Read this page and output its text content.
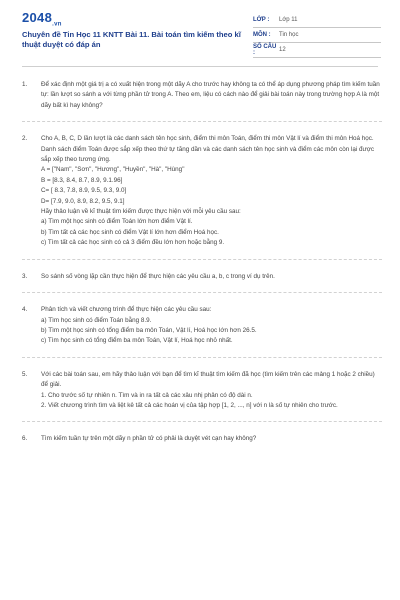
$2048_{.vn}$
Chuyên đề Tin Học 11 KNTT Bài 11. Bài toán tìm kiếm theo kĩ thuật duyệt có đáp án
LỚP :	Lớp 11
MÔN :	Tin học
SỐ CÂU :	12
1. Để xác định một giá trị a có xuất hiện trong một dãy A cho trước hay không ta có thể áp dụng phương pháp tìm kiếm tuần tự: lần lượt so sánh a với từng phần tử trong A. Theo em, liệu có cách nào để giải bài toán này trong trường hợp A là một dãy bất kì hay không?

2. Cho A, B, C, D lần lượt là các danh sách tên học sinh, điểm thi môn Toán, điểm thi môn Vật lí và điểm thi môn Hoá học. Danh sách điểm Toán được sắp xếp theo thứ tự tăng dần và các danh sách tên học sinh và điểm các môn còn lại được sắp xếp theo tương ứng.

A = ["Nam", "Sơn", "Hương", "Huyền", "Hà", "Hùng"

B = [8.3, 8.4, 8.7, 8.9, 9.1.96]

C= [ 8.3, 7.8, 8.9, 9.5, 9.3, 9.0]

D= [7.9, 9.0, 8.9, 8.2, 9.5, 9.1]

Hãy thảo luận về kĩ thuật tìm kiếm được thực hiện với mỗi yêu cầu sau:

a) Tìm một học sinh có điểm Toán lớn hơn điểm Vật lí.

b) Tìm tất cả các học sinh có điểm Vật lí lớn hơn điểm Hoá học.

c) Tìm tất cả các học sinh có cả 3 điểm đều lớn hơn hoặc bằng 9.

3. So sánh số vòng lặp cần thực hiện để thực hiện các yêu cầu a, b, c trong ví dụ trên.

4. Phân tích và viết chương trình để thực hiện các yêu cầu sau:

a) Tìm học sinh có điểm Toán bằng 8.9.

b) Tìm một học sinh có tổng điểm ba môn Toán, Vật lí, Hoá học lớn hơn 26.5.

c) Tìm học sinh có tổng điểm ba môn Toán, Vật lí, Hoá học nhỏ nhất.

5. Với các bài toán sau, em hãy thảo luận với bạn để tìm kĩ thuật tìm kiếm đã học (tìm kiếm trên các mảng 1 hoặc 2 chiều) để giải.

1. Cho trước số tự nhiên n. Tìm và in ra tất cả các xâu nhị phân có độ dài n.

2. Viết chương trình tìm và liệt kê tất cả các hoán vị của tập hợp [1, 2, ..., n] với n là số tự nhiên cho trước.

6. Tìm kiếm tuần tự trên một dãy n phần tử có phải là duyệt vét cạn hay không?
